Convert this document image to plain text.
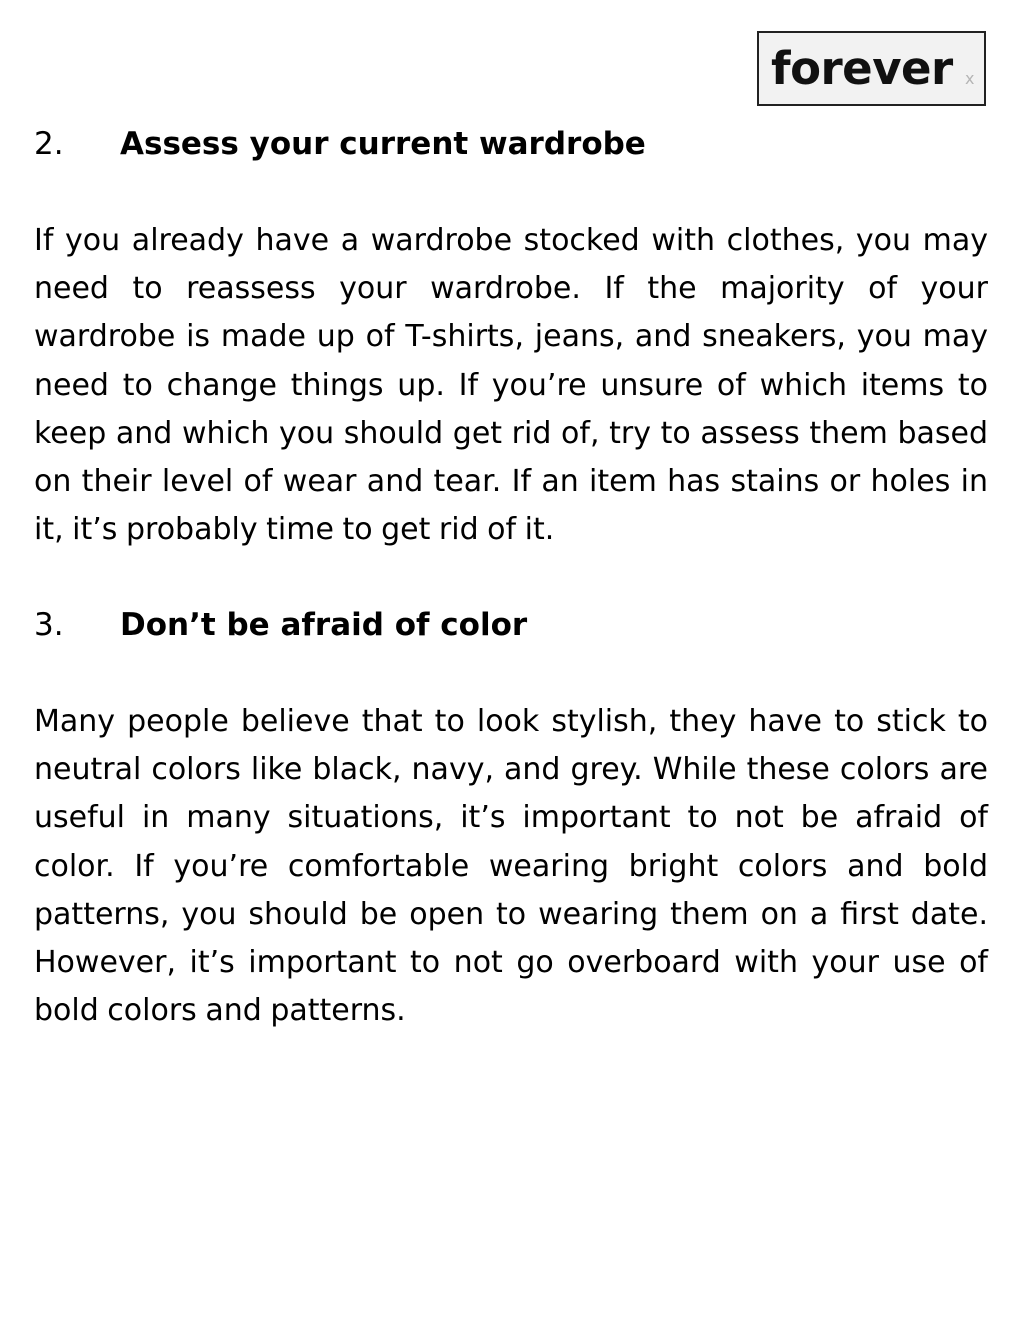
forever x
2. Assess your current wardrobe
If you already have a wardrobe stocked with clothes, you may need to reassess your wardrobe. If the majority of your wardrobe is made up of T-shirts, jeans, and sneakers, you may need to change things up. If you’re unsure of which items to keep and which you should get rid of, try to assess them based on their level of wear and tear. If an item has stains or holes in it, it’s probably time to get rid of it.
3. Don’t be afraid of color
Many people believe that to look stylish, they have to stick to neutral colors like black, navy, and grey. While these colors are useful in many situations, it’s important to not be afraid of color. If you’re comfortable wearing bright colors and bold patterns, you should be open to wearing them on a first date. However, it’s important to not go overboard with your use of bold colors and patterns.
